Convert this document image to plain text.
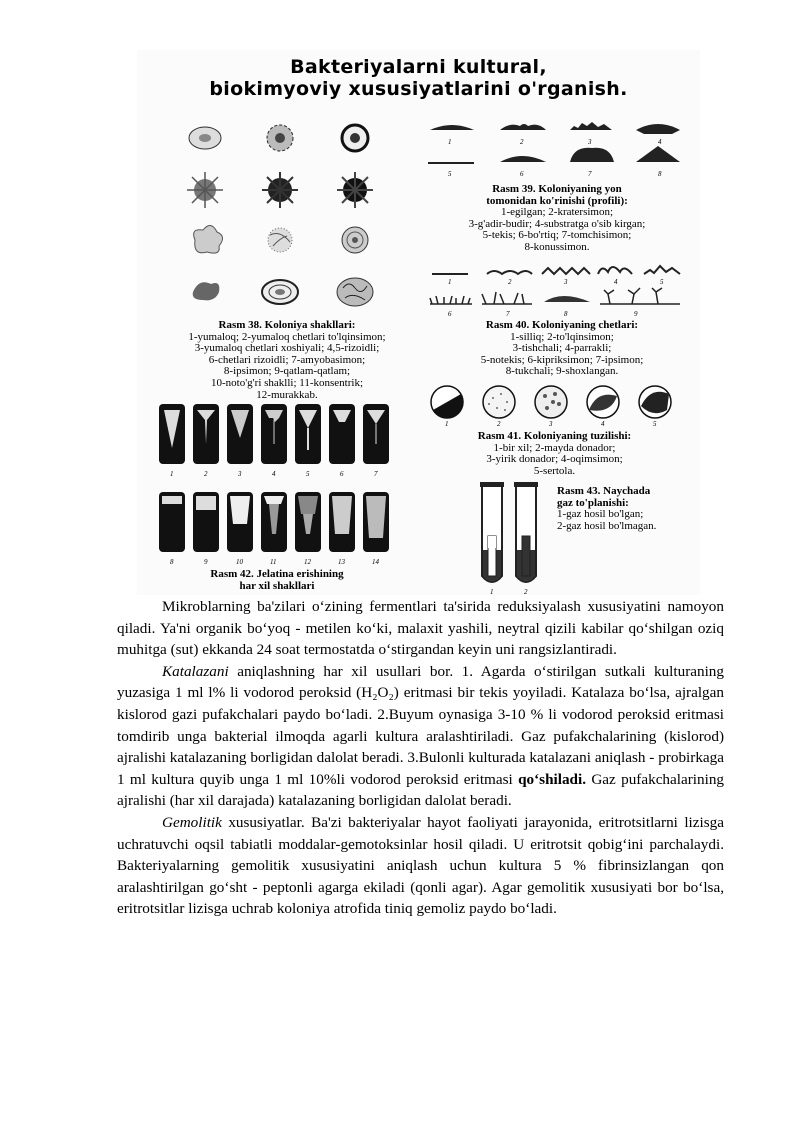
Bakteriyalarni kultural,
biokimyoviy xususiyatlarini o'rganish.
Rasm 38. Koloniya shakllari:
1-yumaloq; 2-yumaloq chetlari to'lqinsimon;
3-yumaloq chetlari xoshiyali; 4,5-rizoidli;
6-chetlari rizoidli; 7-amyobasimon;
8-ipsimon; 9-qatlam-qatlam;
10-noto'g'ri shaklli; 11-konsentrik;
12-murakkab.
1	2	3	4
5	6	7	8
Rasm 39. Koloniyaning yon
tomonidan ko'rinishi (profili):
1-egilgan; 2-kratersimon;
3-g'adir-budir; 4-substratga o'sib kirgan;
5-tekis; 6-bo'rtiq; 7-tomchisimon;
8-konussimon.
1	2	3	4	5
6	7	8	9
Rasm 40. Koloniyaning chetlari:
1-silliq; 2-to'lqinsimon;
3-tishchali; 4-parrakli;
5-notekis; 6-kipriksimon; 7-ipsimon;
8-tukchali; 9-shoxlangan.
1	2	3	4	5
Rasm 41. Koloniyaning tuzilishi:
1-bir xil; 2-mayda donador;
3-yirik donador; 4-oqimsimon;
5-sertola.
1	2	3	4	5	6	7
8	9	10	11	12	13	14
Rasm 42. Jelatina erishining
har xil shakllari
1	2
Rasm 43. Naychada
gaz to'planishi:
1-gaz hosil bo'lgan;
2-gaz hosil bo'lmagan.

Mikroblarning ba'zilari o‘zining fermentlari ta'sirida reduksiyalash xususiyatini namoyon qiladi. Ya'ni organik bo‘yoq - metilen ko‘ki, malaxit yashili, neytral qizili kabilar qo‘shilgan oziq muhitga (sut) ekkanda 24 soat termostatda o‘stirgandan keyin uni rangsizlantiradi.

Katalazani aniqlashning har xil usullari bor. 1. Agarda o‘stirilgan sutkali kulturaning yuzasiga 1 ml l% li vodorod peroksid (H₂O₂) eritmasi bir tekis yoyiladi. Katalaza bo‘lsa, ajralgan kislorod gazi pufakchalari paydo bo‘ladi. 2.Buyum oynasiga 3-10 % li vodorod peroksid eritmasi tomdirib unga bakterial ilmoqda agarli kultura aralashtiriladi. Gaz pufakchalarining (kislorod) ajralishi katalazaning borligidan dalolat beradi. 3.Bulonli kulturada katalazani aniqlash - probirkaga 1 ml kultura quyib unga 1 ml 10%li vodorod peroksid eritmasi qo‘shiladi. Gaz pufakchalarining ajralishi (har xil darajada) katalazaning borligidan dalolat beradi.

Gemolitik xususiyatlar. Ba'zi bakteriyalar hayot faoliyati jarayonida, eritrotsitlarni lizisga uchratuvchi oqsil tabiatli moddalar-gemotoksinlar hosil qiladi. U eritrotsit qobig‘ini parchalaydi. Bakteriyalarning gemolitik xususiyatini aniqlash uchun kultura 5 % fibrinsizlangan qon aralashtirilgan go‘sht - peptonli agarga ekiladi (qonli agar). Agar gemolitik xususiyati bor bo‘lsa, eritrotsitlar lizisga uchrab koloniya atrofida tiniq gemoliz paydo bo‘ladi.
